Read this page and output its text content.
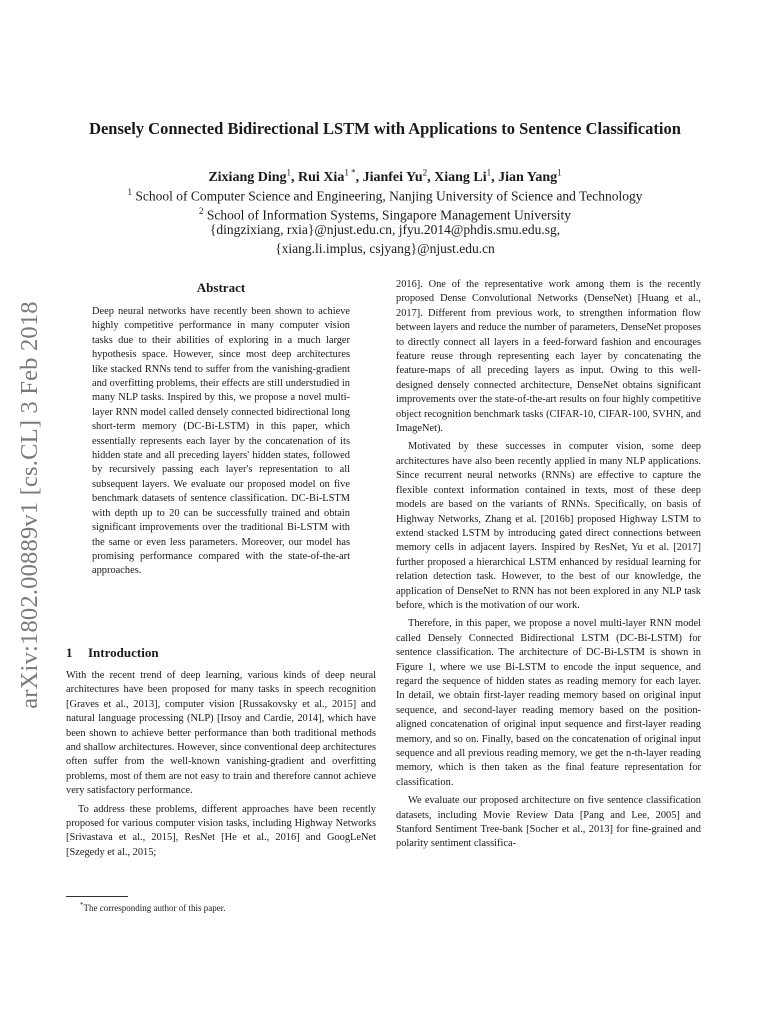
arXiv:1802.00889v1 [cs.CL] 3 Feb 2018
Densely Connected Bidirectional LSTM with Applications to Sentence Classification
Zixiang Ding$^1$, Rui Xia$^{1 *}$, Jianfei Yu$^2$, Xiang Li$^1$, Jian Yang$^1$
$^1$ School of Computer Science and Engineering, Nanjing University of Science and Technology
$^2$ School of Information Systems, Singapore Management University
{dingzixiang, rxia}@njust.edu.cn, jfyu.2014@phdis.smu.edu.sg,
{xiang.li.implus, csjyang}@njust.edu.cn
Abstract

Deep neural networks have recently been shown to achieve highly competitive performance in many computer vision tasks due to their abilities of exploring in a much larger hypothesis space. However, since most deep architectures like stacked RNNs tend to suffer from the vanishing-gradient and overfitting problems, their effects are still understudied in many NLP tasks. Inspired by this, we propose a novel multi-layer RNN model called densely connected bidirectional long short-term memory (DC-Bi-LSTM) in this paper, which essentially represents each layer by the concatenation of its hidden state and all preceding layers' hidden states, followed by recursively passing each layer's representation to all subsequent layers. We evaluate our proposed model on five benchmark datasets of sentence classification. DC-Bi-LSTM with depth up to 20 can be successfully trained and obtain significant improvements over the traditional Bi-LSTM with the same or even less parameters. Moreover, our model has promising performance compared with the state-of-the-art approaches.

1 Introduction

With the recent trend of deep learning, various kinds of deep neural architectures have been proposed for many tasks in speech recognition [Graves et al., 2013], computer vision [Russakovsky et al., 2015] and natural language processing (NLP) [Irsoy and Cardie, 2014], which have been shown to achieve better performance than both traditional methods and shallow architectures. However, since conventional deep architectures often suffer from the well-known vanishing-gradient and overfitting problems, most of them are not easy to train and therefore cannot achieve very satisfactory performance.

To address these problems, different approaches have been recently proposed for various computer vision tasks, including Highway Networks [Srivastava et al., 2015], ResNet [He et al., 2016] and GoogLeNet [Szegedy et al., 2015;

*The corresponding author of this paper.

2016]. One of the representative work among them is the recently proposed Dense Convolutional Networks (DenseNet) [Huang et al., 2017]. Different from previous work, to strengthen information flow between layers and reduce the number of parameters, DenseNet proposes to directly connect all layers in a feed-forward fashion and encourages feature reuse through representing each layer by concatenating the feature-maps of all preceding layers as input. Owing to this well-designed densely connected architecture, DenseNet obtains significant improvements over the state-of-the-art results on four highly competitive object recognition benchmark tasks (CIFAR-10, CIFAR-100, SVHN, and ImageNet).

Motivated by these successes in computer vision, some deep architectures have also been recently applied in many NLP applications. Since recurrent neural networks (RNNs) are effective to capture the flexible context information contained in texts, most of these deep models are based on the variants of RNNs. Specifically, on basis of Highway Networks, Zhang et al. [2016b] proposed Highway LSTM to extend stacked LSTM by introducing gated direct connections between memory cells in adjacent layers. Inspired by ResNet, Yu et al. [2017] further proposed a hierarchical LSTM enhanced by residual learning for relation detection task. However, to the best of our knowledge, the application of DenseNet to RNN has not been explored in any NLP task before, which is the motivation of our work.

Therefore, in this paper, we propose a novel multi-layer RNN model called Densely Connected Bidirectional LSTM (DC-Bi-LSTM) for sentence classification. The architecture of DC-Bi-LSTM is shown in Figure 1, where we use Bi-LSTM to encode the input sequence, and regard the sequence of hidden states as reading memory for each layer. In detail, we obtain first-layer reading memory based on original input sequence, and second-layer reading memory based on the position-aligned concatenation of original input sequence and first-layer reading memory, and so on. Finally, based on the concatenation of original input sequence and all previous reading memory, we get the n-th-layer reading memory, which is then taken as the final feature representation for classification.

We evaluate our proposed architecture on five sentence classification datasets, including Movie Review Data [Pang and Lee, 2005] and Stanford Sentiment Tree-bank [Socher et al., 2013] for fine-grained and polarity sentiment classifica-
